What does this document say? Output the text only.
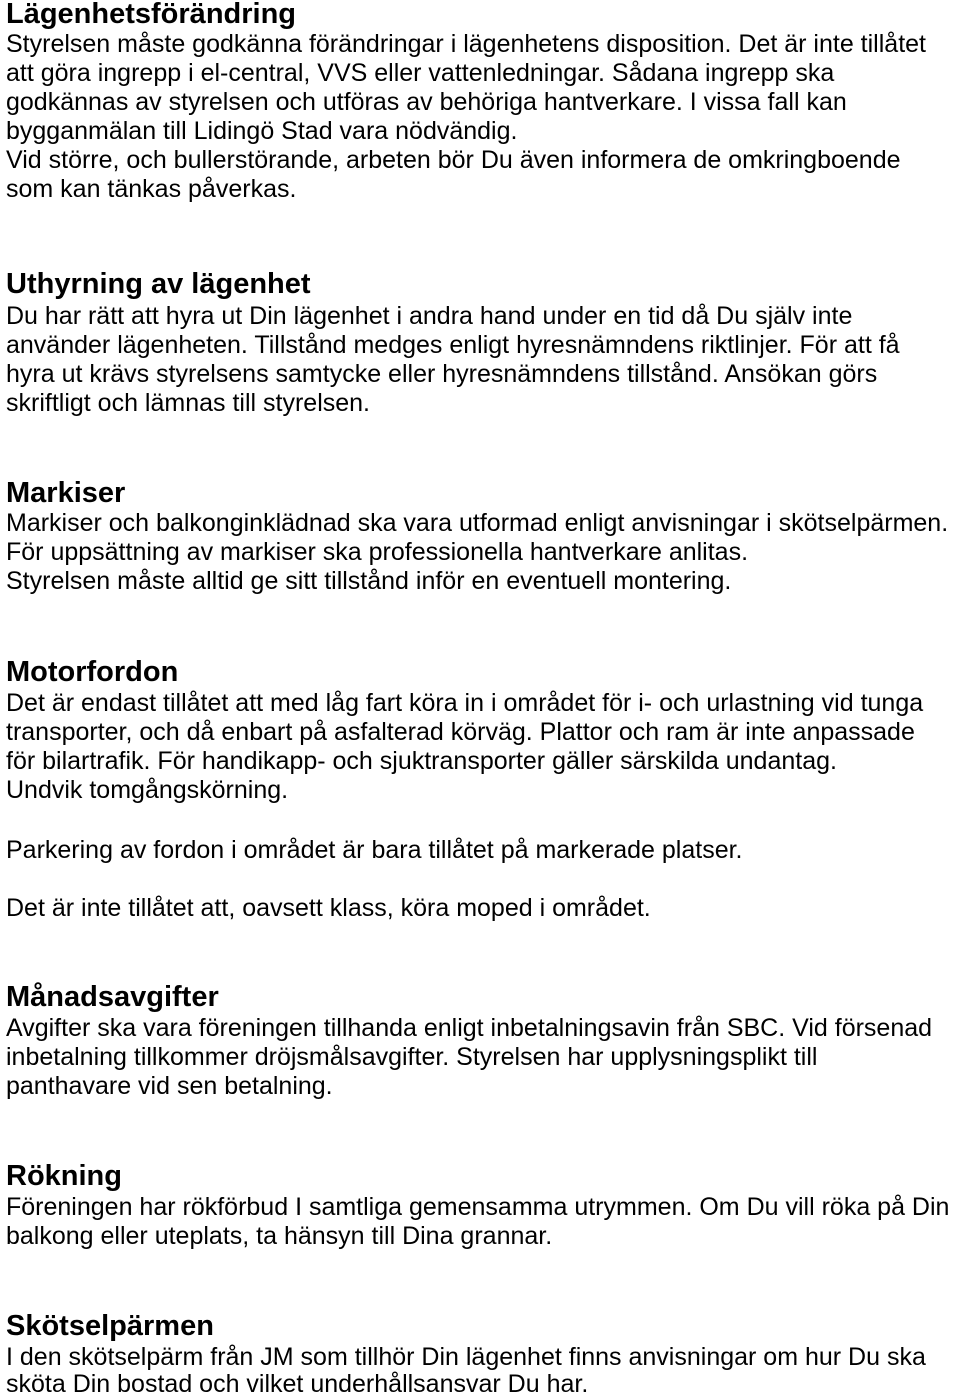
Lägenhetsförändring
Styrelsen måste godkänna förändringar i lägenhetens disposition. Det är inte tillåtet
att göra ingrepp i el-central, VVS eller vattenledningar. Sådana ingrepp ska
godkännas av styrelsen och utföras av behöriga hantverkare. I vissa fall kan
bygganmälan till Lidingö Stad vara nödvändig.
Vid större, och bullerstörande, arbeten bör Du även informera de omkringboende
som kan tänkas påverkas.
Uthyrning av lägenhet
Du har rätt att hyra ut Din lägenhet i andra hand under en tid då Du själv inte
använder lägenheten. Tillstånd medges enligt hyresnämndens riktlinjer. För att få
hyra ut krävs styrelsens samtycke eller hyresnämndens tillstånd. Ansökan görs
skriftligt och lämnas till styrelsen.
Markiser
Markiser och balkonginklädnad ska vara utformad enligt anvisningar i skötselpärmen.
För uppsättning av markiser ska professionella hantverkare anlitas.
Styrelsen måste alltid ge sitt tillstånd inför en eventuell montering.
Motorfordon
Det är endast tillåtet att med låg fart köra in i området för i- och urlastning vid tunga
transporter, och då enbart på asfalterad körväg. Plattor och ram är inte anpassade
för bilartrafik. För handikapp- och sjuktransporter gäller särskilda undantag.
Undvik tomgångskörning.
Parkering av fordon i området är bara tillåtet på markerade platser.
Det är inte tillåtet att, oavsett klass, köra moped i området.
Månadsavgifter
Avgifter ska vara föreningen tillhanda enligt inbetalningsavin från SBC. Vid försenad
inbetalning tillkommer dröjsmålsavgifter. Styrelsen har upplysningsplikt till
panthavare vid sen betalning.
Rökning
Föreningen har rökförbud I samtliga gemensamma utrymmen. Om Du vill röka på Din
balkong eller uteplats, ta hänsyn till Dina grannar.
Skötselpärmen
I den skötselpärm från JM som tillhör Din lägenhet finns anvisningar om hur Du ska
sköta Din bostad och vilket underhållsansvar Du har.
